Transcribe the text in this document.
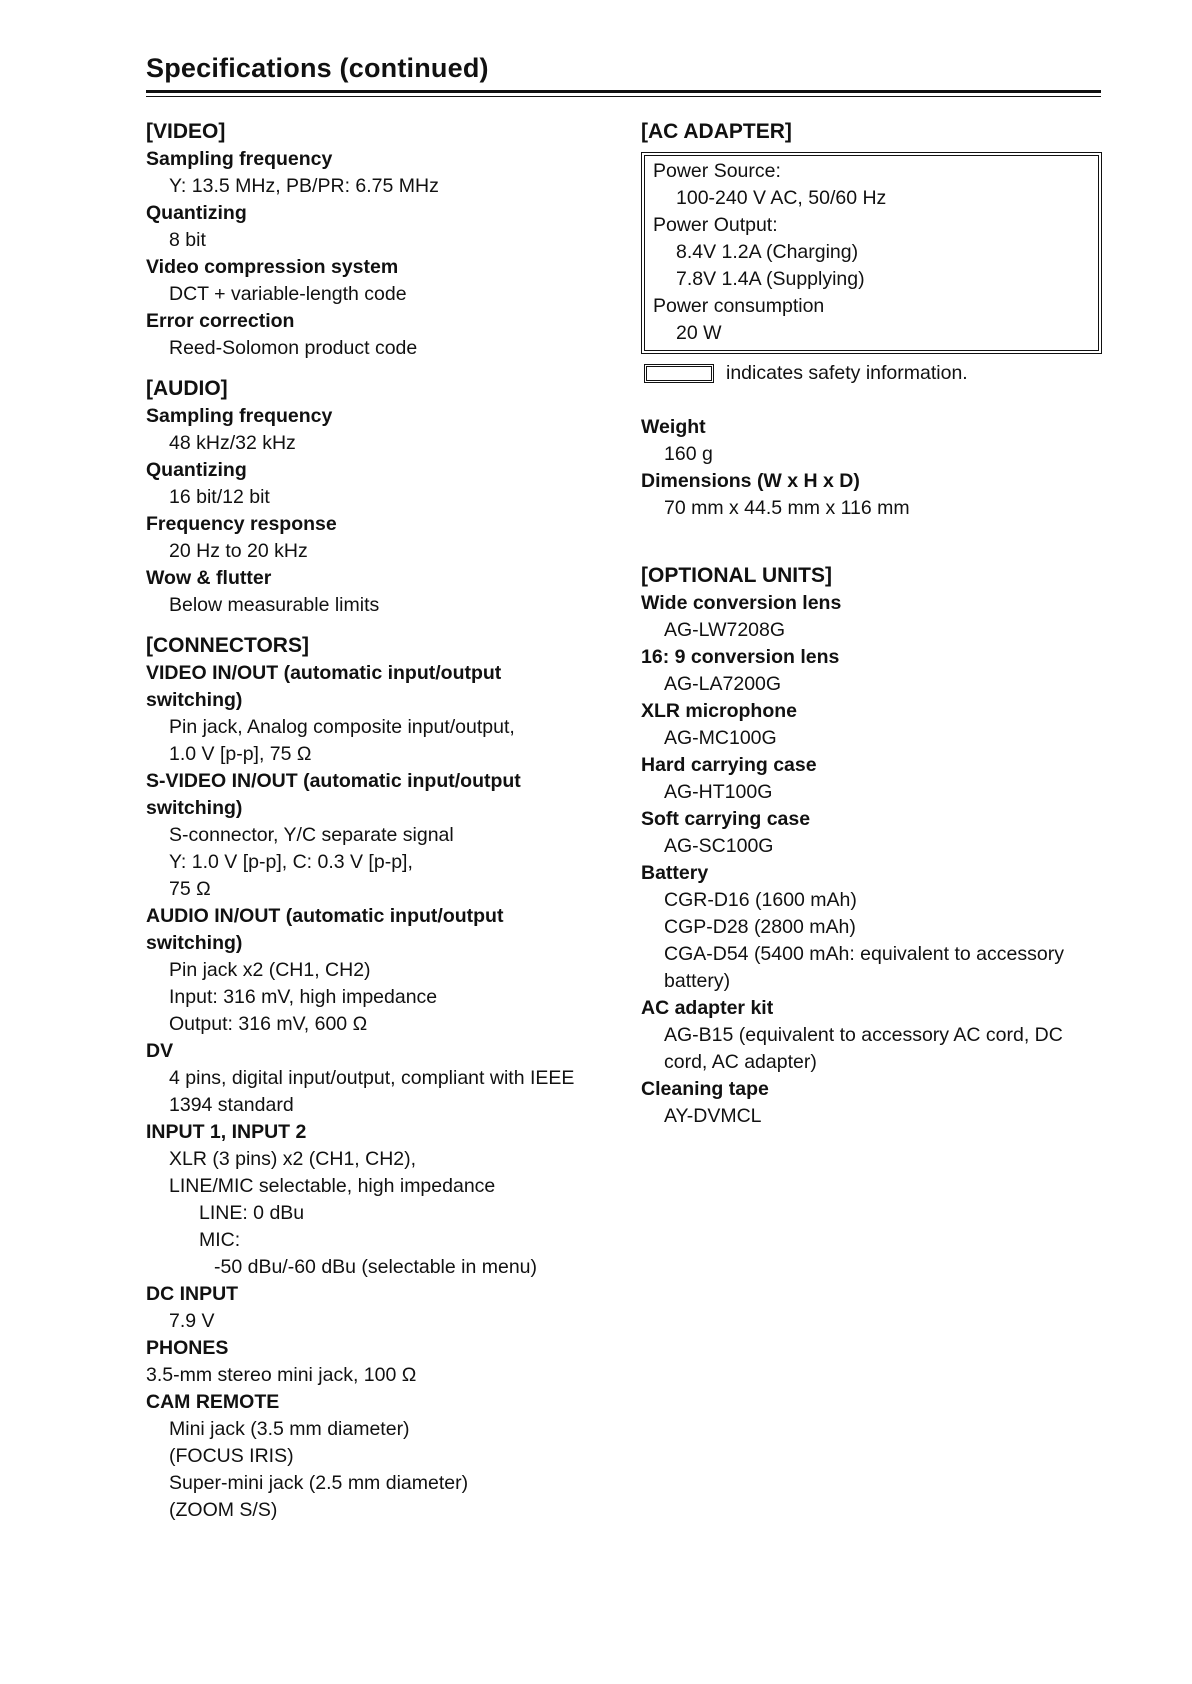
Specifications (continued)
[VIDEO]
Sampling frequency
Y: 13.5 MHz, PB/PR: 6.75 MHz
Quantizing
8 bit
Video compression system
DCT + variable-length code
Error correction
Reed-Solomon product code
[AUDIO]
Sampling frequency
48 kHz/32 kHz
Quantizing
16 bit/12 bit
Frequency response
20 Hz to 20 kHz
Wow & flutter
Below measurable limits
[CONNECTORS]
VIDEO IN/OUT (automatic input/output
switching)
Pin jack, Analog composite input/output,
1.0 V [p-p], 75 Ω
S-VIDEO IN/OUT (automatic input/output
switching)
S-connector, Y/C separate signal
Y: 1.0 V [p-p], C: 0.3 V [p-p],
75 Ω
AUDIO IN/OUT (automatic input/output
switching)
Pin jack x2 (CH1, CH2)
Input: 316 mV, high impedance
Output: 316 mV, 600 Ω
DV
4 pins, digital input/output, compliant with IEEE
1394 standard
INPUT 1, INPUT 2
XLR (3 pins) x2 (CH1, CH2),
LINE/MIC selectable, high impedance
LINE: 0 dBu
MIC:
-50 dBu/-60 dBu (selectable in menu)
DC INPUT
7.9 V
PHONES
3.5-mm stereo mini jack, 100 Ω
CAM REMOTE
Mini jack (3.5 mm diameter)
(FOCUS IRIS)
Super-mini jack (2.5 mm diameter)
(ZOOM S/S)
[AC ADAPTER]
Power Source:
100-240 V AC, 50/60 Hz
Power Output:
8.4V 1.2A (Charging)
7.8V 1.4A (Supplying)
Power consumption
20 W
indicates safety information.
Weight
160 g
Dimensions (W x H x D)
70 mm x 44.5 mm x 116 mm
[OPTIONAL UNITS]
Wide conversion lens
AG-LW7208G
16: 9 conversion lens
AG-LA7200G
XLR microphone
AG-MC100G
Hard carrying case
AG-HT100G
Soft carrying case
AG-SC100G
Battery
CGR-D16 (1600 mAh)
CGP-D28 (2800 mAh)
CGA-D54 (5400 mAh: equivalent to accessory
battery)
AC adapter kit
AG-B15 (equivalent to accessory AC cord, DC
cord, AC adapter)
Cleaning tape
AY-DVMCL
